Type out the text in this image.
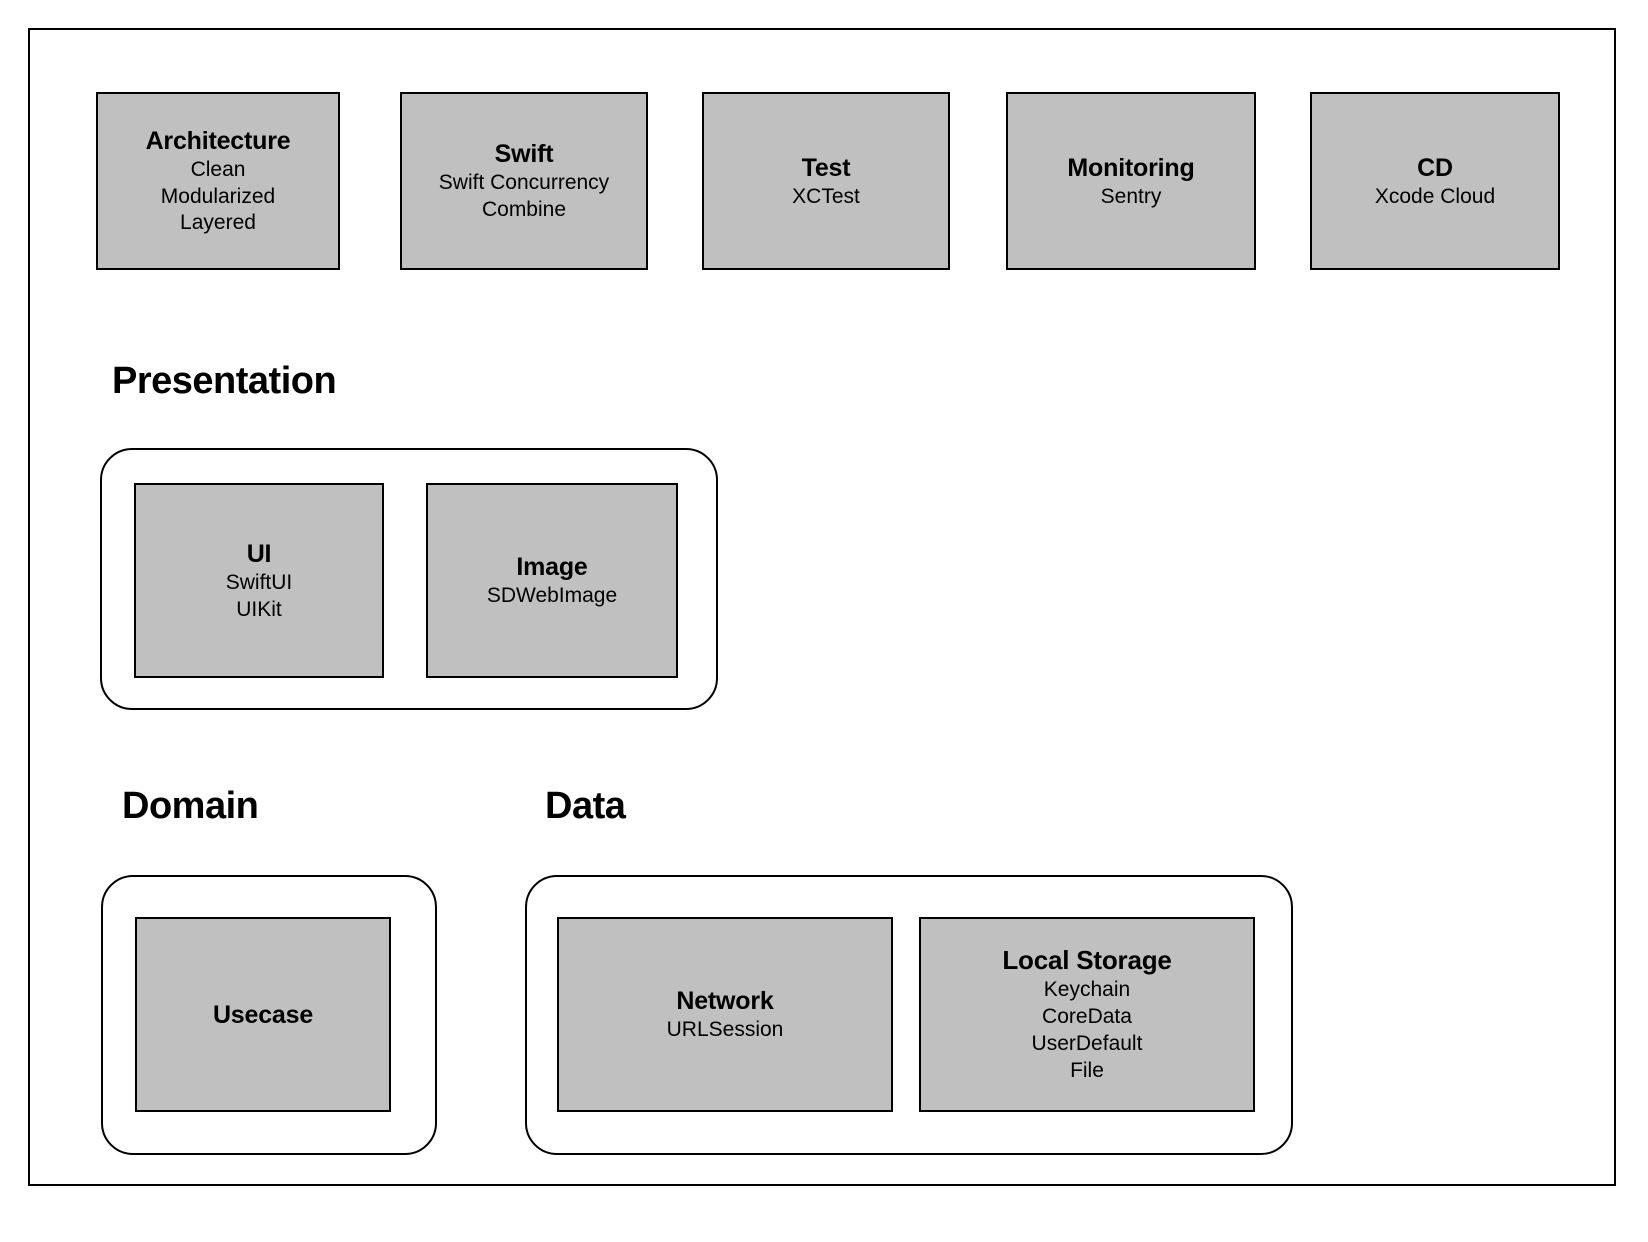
Architecture
Clean
Modularized
Layered
Swift
Swift Concurrency
Combine
Test
XCTest
Monitoring
Sentry
CD
Xcode Cloud
Presentation
UI
SwiftUI
UIKit
Image
SDWebImage
Domain
Usecase
Data
Network
URLSession
Local Storage
Keychain
CoreData
UserDefault
File
